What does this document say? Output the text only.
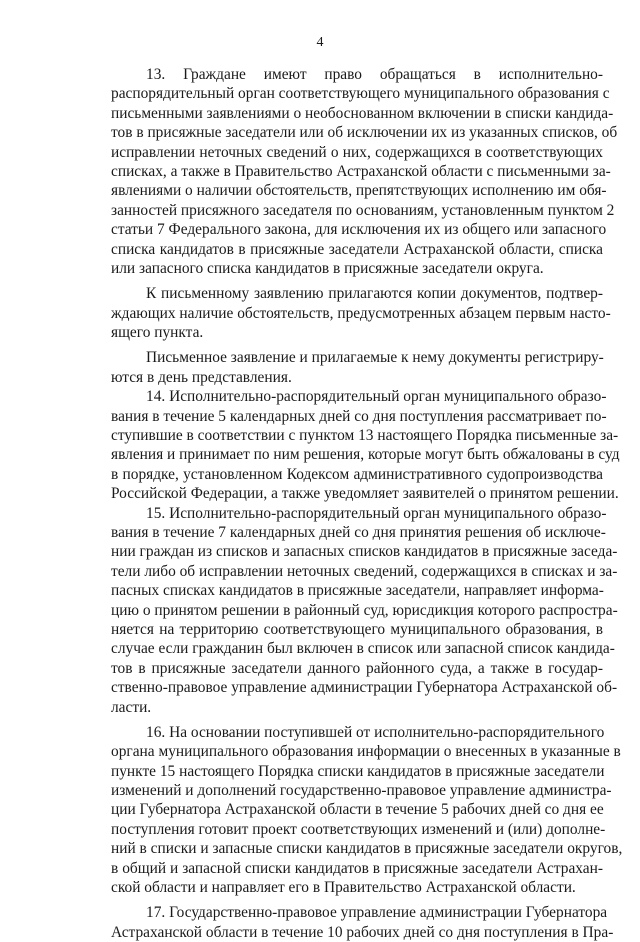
4
13. Граждане имеют право обращаться в исполнительно-
распорядительный орган соответствующего муниципального образования с
письменными заявлениями о необоснованном включении в списки кандида-
тов в присяжные заседатели или об исключении их из указанных списков, об
исправлении неточных сведений о них, содержащихся в соответствующих
списках, а также в Правительство Астраханской области с письменными за-
явлениями о наличии обстоятельств, препятствующих исполнению им обя-
занностей присяжного заседателя по основаниям, установленным пунктом 2
статьи 7 Федерального закона, для исключения их из общего или запасного
списка кандидатов в присяжные заседатели Астраханской области, списка
или запасного списка кандидатов в присяжные заседатели округа.
К письменному заявлению прилагаются копии документов, подтвер-
ждающих наличие обстоятельств, предусмотренных абзацем первым насто-
ящего пункта.
Письменное заявление и прилагаемые к нему документы регистриру-
ются в день представления.
14. Исполнительно-распорядительный орган муниципального образо-
вания в течение 5 календарных дней со дня поступления рассматривает по-
ступившие в соответствии с пунктом 13 настоящего Порядка письменные за-
явления и принимает по ним решения, которые могут быть обжалованы в суд
в порядке, установленном Кодексом административного судопроизводства
Российской Федерации, а также уведомляет заявителей о принятом решении.
15. Исполнительно-распорядительный орган муниципального образо-
вания в течение 7 календарных дней со дня принятия решения об исключе-
нии граждан из списков и запасных списков кандидатов в присяжные заседа-
тели либо об исправлении неточных сведений, содержащихся в списках и за-
пасных списках кандидатов в присяжные заседатели, направляет информа-
цию о принятом решении в районный суд, юрисдикция которого распростра-
няется на территорию соответствующего муниципального образования, в
случае если гражданин был включен в список или запасной список кандида-
тов в присяжные заседатели данного районного суда, а также в государ-
ственно-правовое управление администрации Губернатора Астраханской об-
ласти.
16. На основании поступившей от исполнительно-распорядительного
органа муниципального образования информации о внесенных в указанные в
пункте 15 настоящего Порядка списки кандидатов в присяжные заседатели
изменений и дополнений государственно-правовое управление администра-
ции Губернатора Астраханской области в течение 5 рабочих дней со дня ее
поступления готовит проект соответствующих изменений и (или) дополне-
ний в списки и запасные списки кандидатов в присяжные заседатели округов,
в общий и запасной списки кандидатов в присяжные заседатели Астрахан-
ской области и направляет его в Правительство Астраханской области.
17. Государственно-правовое управление администрации Губернатора
Астраханской области в течение 10 рабочих дней со дня поступления в Пра-
